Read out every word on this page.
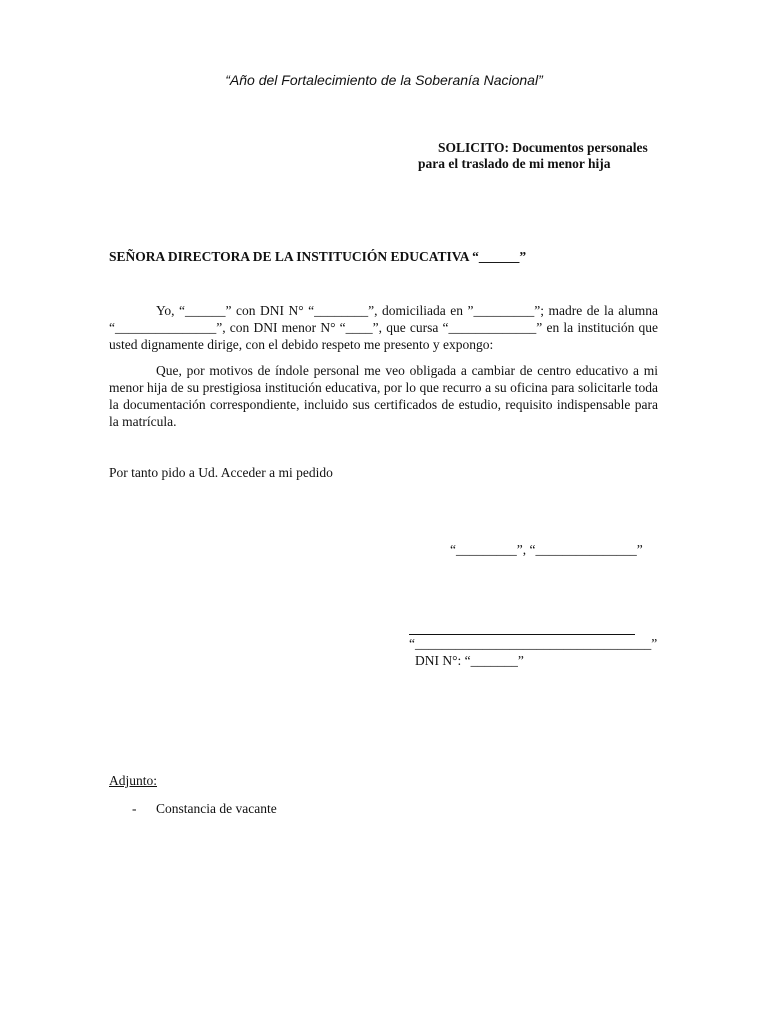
“Año del Fortalecimiento de la Soberanía Nacional”
SOLICITO: Documentos personales
para el traslado de mi menor hija
SEÑORA DIRECTORA DE LA INSTITUCIÓN EDUCATIVA “______”

Yo, “______” con DNI N° “________”, domiciliada en ”_________”; madre de la alumna “_______________”, con DNI menor N° “____”, que cursa “_____________” en la institución que usted dignamente dirige, con el debido respeto me presento y expongo:

Que, por motivos de índole personal me veo obligada a cambiar de centro educativo a mi menor hija de su prestigiosa institución educativa, por lo que recurro a su oficina para solicitarle toda la documentación correspondiente, incluido sus certificados de estudio, requisito indispensable para la matrícula.

Por tanto pido a Ud. Acceder a mi pedido
“_________”, “_______________”
“___________________________________”
DNI N°: “_______”
Adjunto:
- Constancia de vacante
